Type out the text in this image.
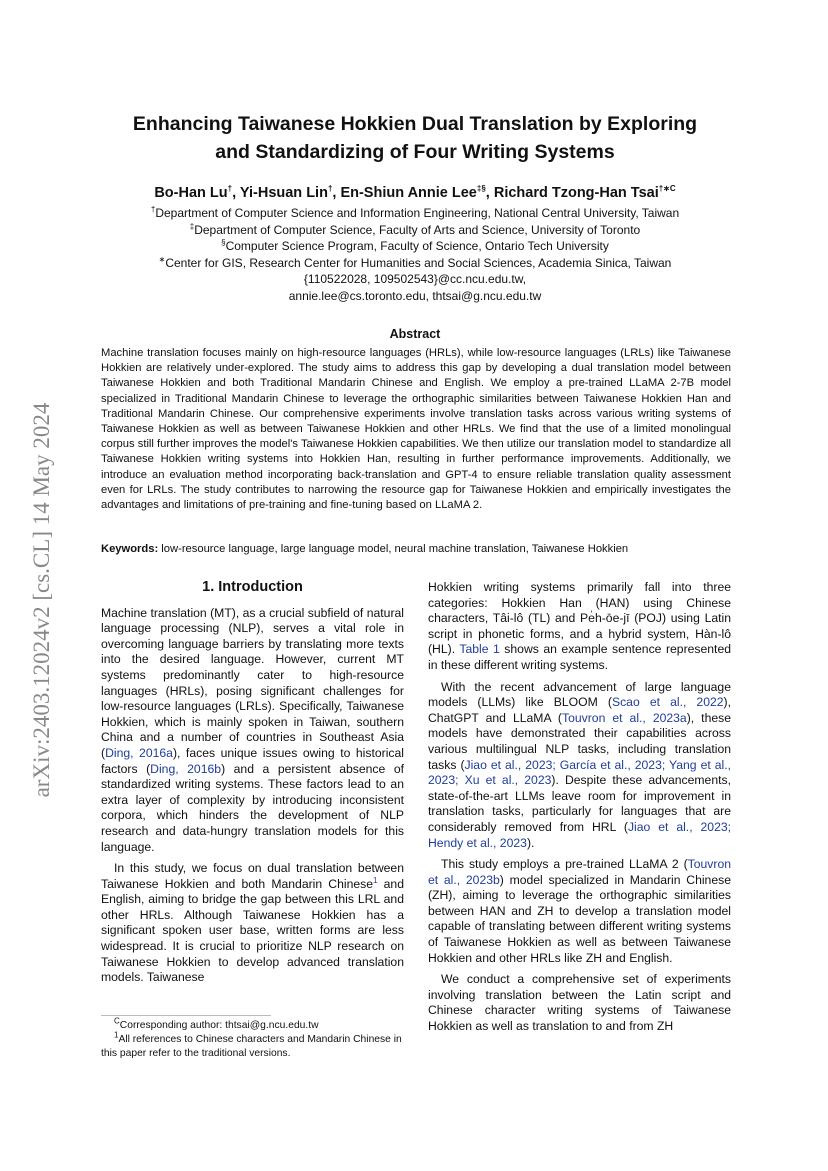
arXiv:2403.12024v2 [cs.CL] 14 May 2024
Enhancing Taiwanese Hokkien Dual Translation by Exploring
and Standardizing of Four Writing Systems
Bo-Han Lu†, Yi-Hsuan Lin†, En-Shiun Annie Lee‡§, Richard Tzong-Han Tsai$^{\dagger∗C}$
†Department of Computer Science and Information Engineering, National Central University, Taiwan
‡Department of Computer Science, Faculty of Arts and Science, University of Toronto
§Computer Science Program, Faculty of Science, Ontario Tech University
∗Center for GIS, Research Center for Humanities and Social Sciences, Academia Sinica, Taiwan
{110522028, 109502543}@cc.ncu.edu.tw,
annie.lee@cs.toronto.edu, thtsai@g.ncu.edu.tw
Abstract
Machine translation focuses mainly on high-resource languages (HRLs), while low-resource languages (LRLs) like Taiwanese Hokkien are relatively under-explored. The study aims to address this gap by developing a dual translation model between Taiwanese Hokkien and both Traditional Mandarin Chinese and English. We employ a pre-trained LLaMA 2-7B model specialized in Traditional Mandarin Chinese to leverage the orthographic similarities between Taiwanese Hokkien Han and Traditional Mandarin Chinese. Our comprehensive experiments involve translation tasks across various writing systems of Taiwanese Hokkien as well as between Taiwanese Hokkien and other HRLs. We find that the use of a limited monolingual corpus still further improves the model's Taiwanese Hokkien capabilities. We then utilize our translation model to standardize all Taiwanese Hokkien writing systems into Hokkien Han, resulting in further performance improvements. Additionally, we introduce an evaluation method incorporating back-translation and GPT-4 to ensure reliable translation quality assessment even for LRLs. The study contributes to narrowing the resource gap for Taiwanese Hokkien and empirically investigates the advantages and limitations of pre-training and fine-tuning based on LLaMA 2.
Keywords: low-resource language, large language model, neural machine translation, Taiwanese Hokkien
1. Introduction

Machine translation (MT), as a crucial subfield of natural language processing (NLP), serves a vital role in overcoming language barriers by translating more texts into the desired language. However, current MT systems predominantly cater to high-resource languages (HRLs), posing significant challenges for low-resource languages (LRLs). Specifically, Taiwanese Hokkien, which is mainly spoken in Taiwan, southern China and a number of countries in Southeast Asia (Ding, 2016a), faces unique issues owing to historical factors (Ding, 2016b) and a persistent absence of standardized writing systems. These factors lead to an extra layer of complexity by introducing inconsistent corpora, which hinders the development of NLP research and data-hungry translation models for this language.

In this study, we focus on dual translation between Taiwanese Hokkien and both Mandarin Chinese$^1$ and English, aiming to bridge the gap between this LRL and other HRLs. Although Taiwanese Hokkien has a significant spoken user base, written forms are less widespread. It is crucial to prioritize NLP research on Taiwanese Hokkien to develop advanced translation models. Taiwanese

Hokkien writing systems primarily fall into three categories: Hokkien Han (HAN) using Chinese characters, Tâi-lô (TL) and Pe̍h-ōe-jī (POJ) using Latin script in phonetic forms, and a hybrid system, Hàn-lô (HL). Table 1 shows an example sentence represented in these different writing systems.

With the recent advancement of large language models (LLMs) like BLOOM (Scao et al., 2022), ChatGPT and LLaMA (Touvron et al., 2023a), these models have demonstrated their capabilities across various multilingual NLP tasks, including translation tasks (Jiao et al., 2023; García et al., 2023; Yang et al., 2023; Xu et al., 2023). Despite these advancements, state-of-the-art LLMs leave room for improvement in translation tasks, particularly for languages that are considerably removed from HRL (Jiao et al., 2023; Hendy et al., 2023).

This study employs a pre-trained LLaMA 2 (Touvron et al., 2023b) model specialized in Mandarin Chinese (ZH), aiming to leverage the orthographic similarities between HAN and ZH to develop a translation model capable of translating between different writing systems of Taiwanese Hokkien as well as between Taiwanese Hokkien and other HRLs like ZH and English.

We conduct a comprehensive set of experiments involving translation between the Latin script and Chinese character writing systems of Taiwanese Hokkien as well as translation to and from ZH

$^C$Corresponding author: thtsai@g.ncu.edu.tw
$^1$All references to Chinese characters and Mandarin Chinese in this paper refer to the traditional versions.
